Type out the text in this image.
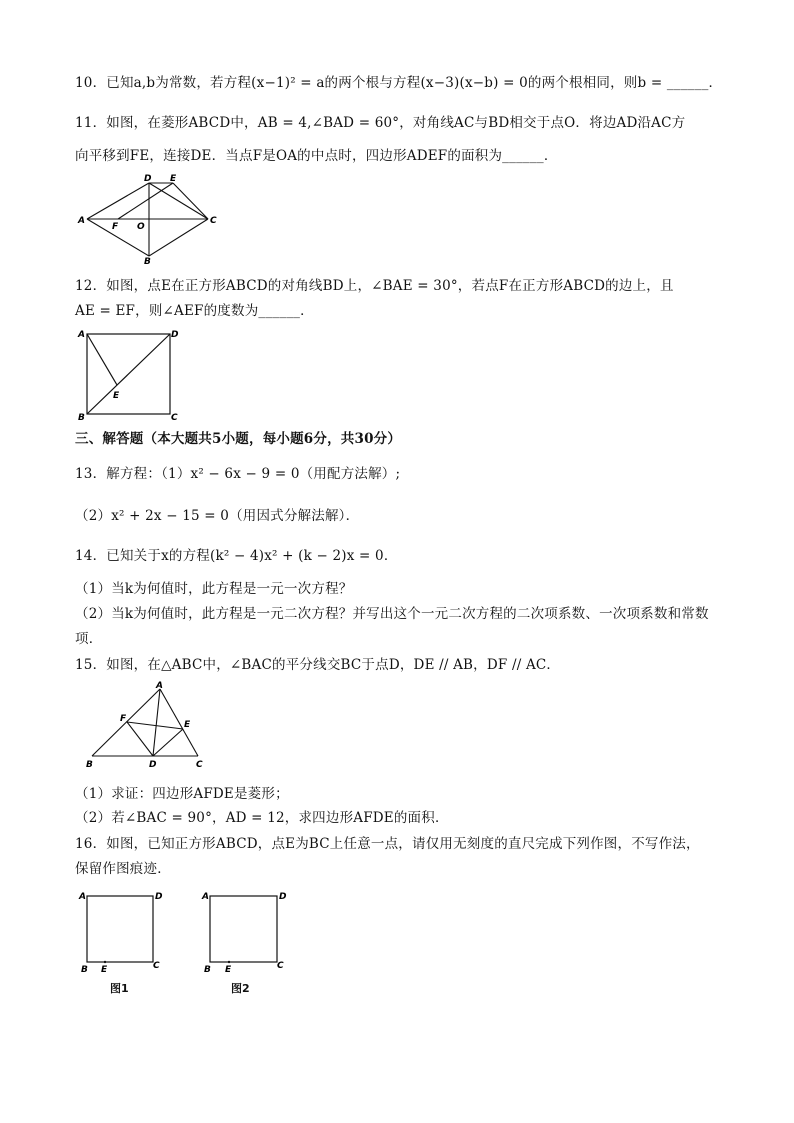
10．已知a,b为常数，若方程(x−1)² = a的两个根与方程(x−3)(x−b) = 0的两个根相同，则b = ______．
11．如图，在菱形ABCD中，AB = 4,∠BAD = 60°，对角线AC与BD相交于点O．将边AD沿AC方
向平移到FE，连接DE．当点F是OA的中点时，四边形ADEF的面积为______．
A
D E
F O
C
B
12．如图，点E在正方形ABCD的对角线BD上，∠BAE = 30°，若点F在正方形ABCD的边上，且
AE = EF，则∠AEF的度数为______．
A	D
E
B	C
三、解答题（本大题共5小题，每小题6分，共30分）
13．解方程：（1）x² − 6x − 9 = 0（用配方法解）;
（2）x² + 2x − 15 = 0（用因式分解法解）．
14．已知关于x的方程(k² − 4)x² + (k − 2)x = 0．
（1）当k为何值时，此方程是一元一次方程？
（2）当k为何值时，此方程是一元二次方程？并写出这个一元二次方程的二次项系数、一次项系数和常数
项．
15．如图，在△ABC中，∠BAC的平分线交BC于点D，DE // AB，DF // AC．
A
F
E
B	D	C
（1）求证：四边形AFDE是菱形；
（2）若∠BAC = 90°，AD = 12，求四边形AFDE的面积．
16．如图，已知正方形ABCD，点E为BC上任意一点，请仅用无刻度的直尺完成下列作图，不写作法，
保留作图痕迹．
A	D
B E	C
图1
A	D
B E	C
图2
